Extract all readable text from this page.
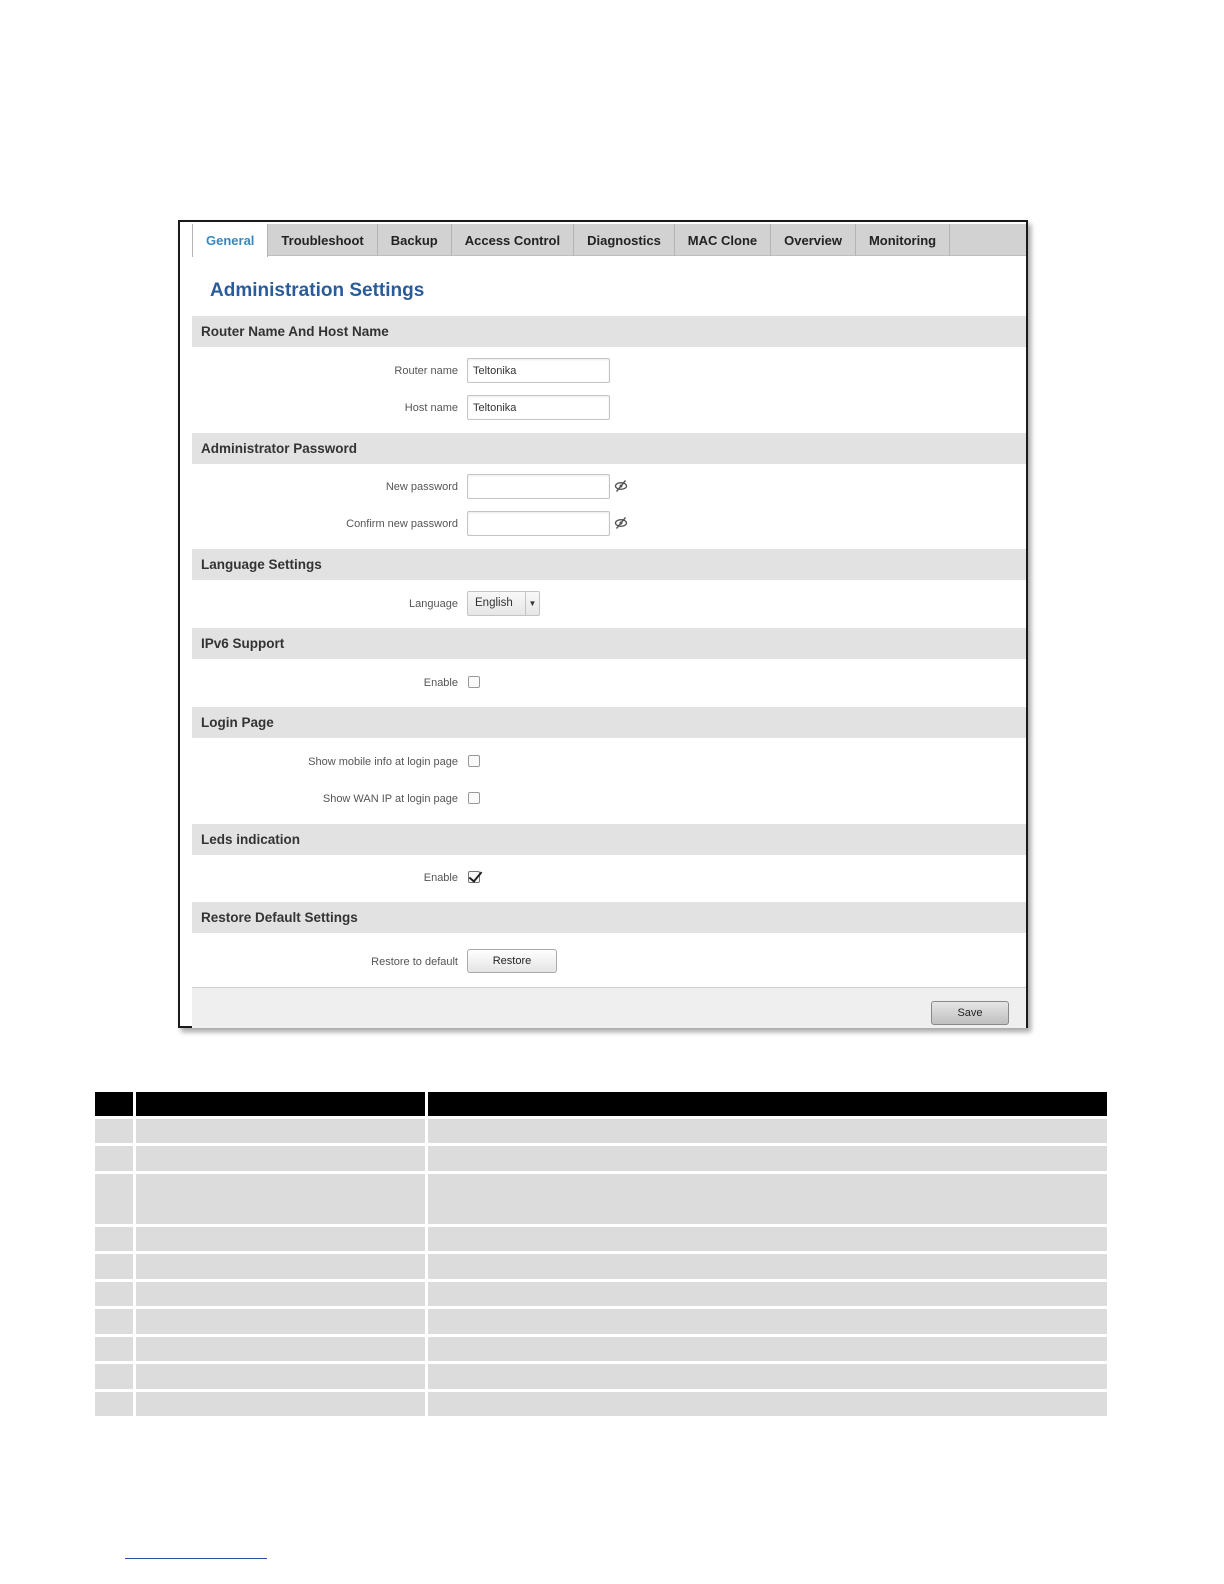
General	Troubleshoot	Backup	Access Control	Diagnostics	MAC Clone	Overview	Monitoring
Administration Settings
Router Name And Host Name
Router name
Teltonika
Host name
Teltonika
Administrator Password
New password
Confirm new password
Language Settings
Language	English	▼
IPv6 Support
Enable
Login Page
Show mobile info at login page
Show WAN IP at login page
Leds indication
Enable
Restore Default Settings
Restore to default	Restore
Save
